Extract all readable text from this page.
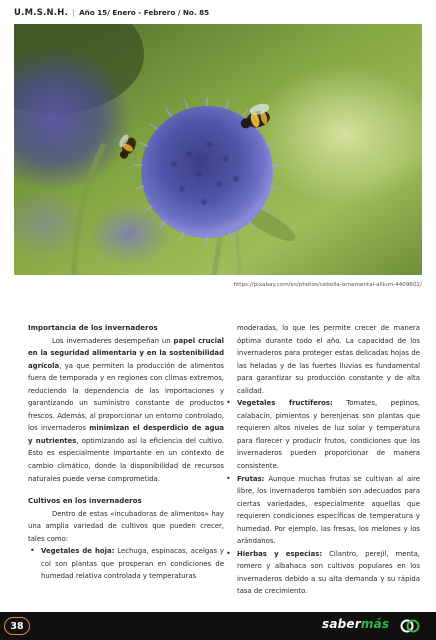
U.M.S.N.H. | Año 15/ Enero - Febrero / No. 85
https://pixabay.com/es/photos/cebolla-ornamental-allium-4409602/
Importancia de los invernaderos

Los invernaderes desempeñan un papel crucial en la seguridad alimentaria y en la sostenibilidad agrícola, ya que permiten la producción de alimentos fuera de temporada y en regiones con climas extremos, reduciendo la dependencia de las importaciones y garantizando un suministro constante de productos frescos. Además, al proporcionar un entorno controlado, los invernaderos minimizan el desperdicio de agua y nutrientes, optimizando así la eficiencia del cultivo. Esto es especialmente importante en un contexto de cambio climático, donde la disponibilidad de recursos naturales puede verse comprometida.

Cultivos en los invernaderos

Dentro de estas «incubadoras de alimentos» hay una amplia variedad de cultivos que pueden crecer, tales como:

• Vegetales de hoja: Lechuga, espinacas, acelgas y col son plantas que prosperan en condiciones de humedad relativa controlada y temperaturas

moderadas, lo que les permite crecer de manera óptima durante todo el año. La capacidad de los invernaderos para proteger estas delicadas hojas de las heladas y de las fuertes lluvias es fundamental para garantizar su producción constante y de alta calidad.

• Vegetales fructíferos: Tomates, pepinos, calabacín, pimientos y berenjenas son plantas que requieren altos niveles de luz solar y temperatura para florecer y producir frutos, condiciones que los invernaderos pueden proporcionar de manera consistente.
• Frutas: Aunque muchas frutas se cultivan al aire libre, los invernaderos también son adecuados para ciertas variedades, especialmente aquellas que requieren condiciones específicas de temperatura y humedad. Por ejemplo, las fresas, los melones y los arándanos.
• Hierbas y especias: Cilantro, perejil, menta, romero y albahaca son cultivos populares en los invernaderos debido a su alta demanda y su rápida tasa de crecimiento.
38	sabermás
